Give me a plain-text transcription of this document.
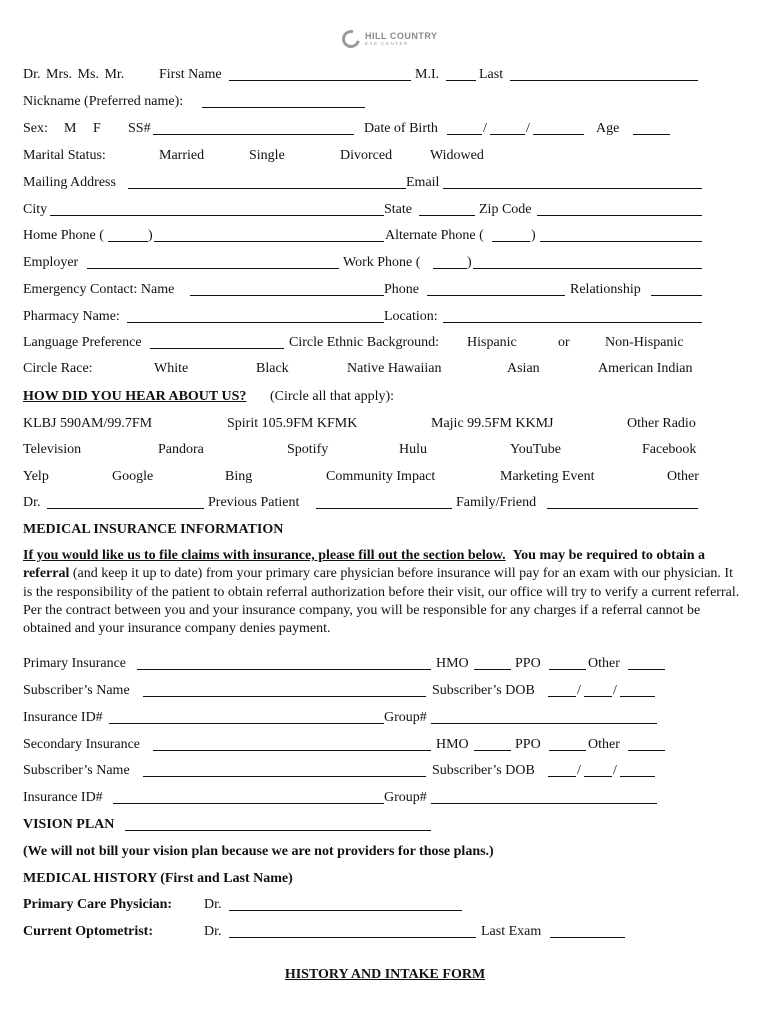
HILL COUNTRY
EYE CENTER
Dr. Mrs. Ms. Mr. First Name	M.I.	Last
Nickname (Preferred name):
Sex: M F SS#	Date of Birth	/	/	Age
Marital Status:	Married	Single	Divorced	Widowed
Mailing Address	Email
City	State	Zip Code
Home Phone (	)	Alternate Phone (	)
Employer	Work Phone (	)
Emergency Contact: Name	Phone	Relationship
Pharmacy Name:	Location:
Language Preference	Circle Ethnic Background: Hispanic	or	Non-Hispanic
Circle Race:	White	Black	Native Hawaiian	Asian	American Indian
HOW DID YOU HEAR ABOUT US? (Circle all that apply):
KLBJ 590AM/99.7FM	Spirit 105.9FM KFMK	Majic 99.5FM KKMJ	Other Radio
Television	Pandora	Spotify	Hulu	YouTube	Facebook
Yelp	Google	Bing	Community Impact	Marketing Event	Other
Dr.	Previous Patient	Family/Friend
MEDICAL INSURANCE INFORMATION
If you would like us to file claims with insurance, please fill out the section below. You may be required to obtain a referral (and keep it up to date) from your primary care physician before insurance will pay for an exam with our physician. It is the responsibility of the patient to obtain referral authorization before their visit, our office will try to verify a current referral. Per the contract between you and your insurance company, you will be responsible for any charges if a referral cannot be obtained and your insurance company denies payment.
Primary Insurance	HMO	PPO	Other
Subscriber’s Name	Subscriber’s DOB	/ /
Insurance ID#	Group#
Secondary Insurance	HMO	PPO	Other
Subscriber’s Name	Subscriber’s DOB	/ /
Insurance ID#	Group#
VISION PLAN
(We will not bill your vision plan because we are not providers for those plans.)
MEDICAL HISTORY (First and Last Name)
Primary Care Physician: Dr.
Current Optometrist:	Dr.	Last Exam
HISTORY AND INTAKE FORM
